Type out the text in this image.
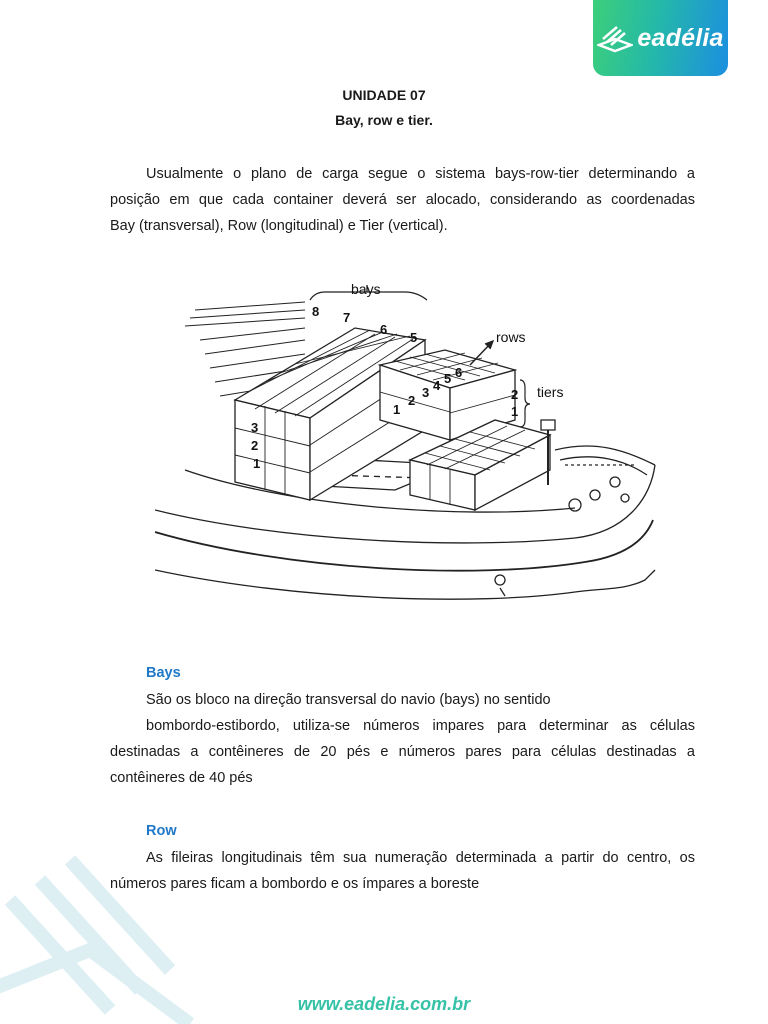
eadélia
UNIDADE 07
Bay, row e tier.
Usualmente o plano de carga segue o sistema bays-row-tier determinando a
posição em que cada container deverá ser alocado, considerando as coordenadas
Bay (transversal), Row (longitudinal) e Tier (vertical).
bays
rows
tiers
8 7
6
5
1
2
3 4 5 6
3
2
1
2
1
Bays
São os bloco na direção transversal do navio (bays) no sentido
bombordo-estibordo, utiliza-se números impares para determinar as células
destinadas a contêineres de 20 pés e números pares para células destinadas a
contêineres de 40 pés
Row
As fileiras longitudinais têm sua numeração determinada a partir do centro, os
números pares ficam a bombordo e os ímpares a boreste
www.eadelia.com.br
